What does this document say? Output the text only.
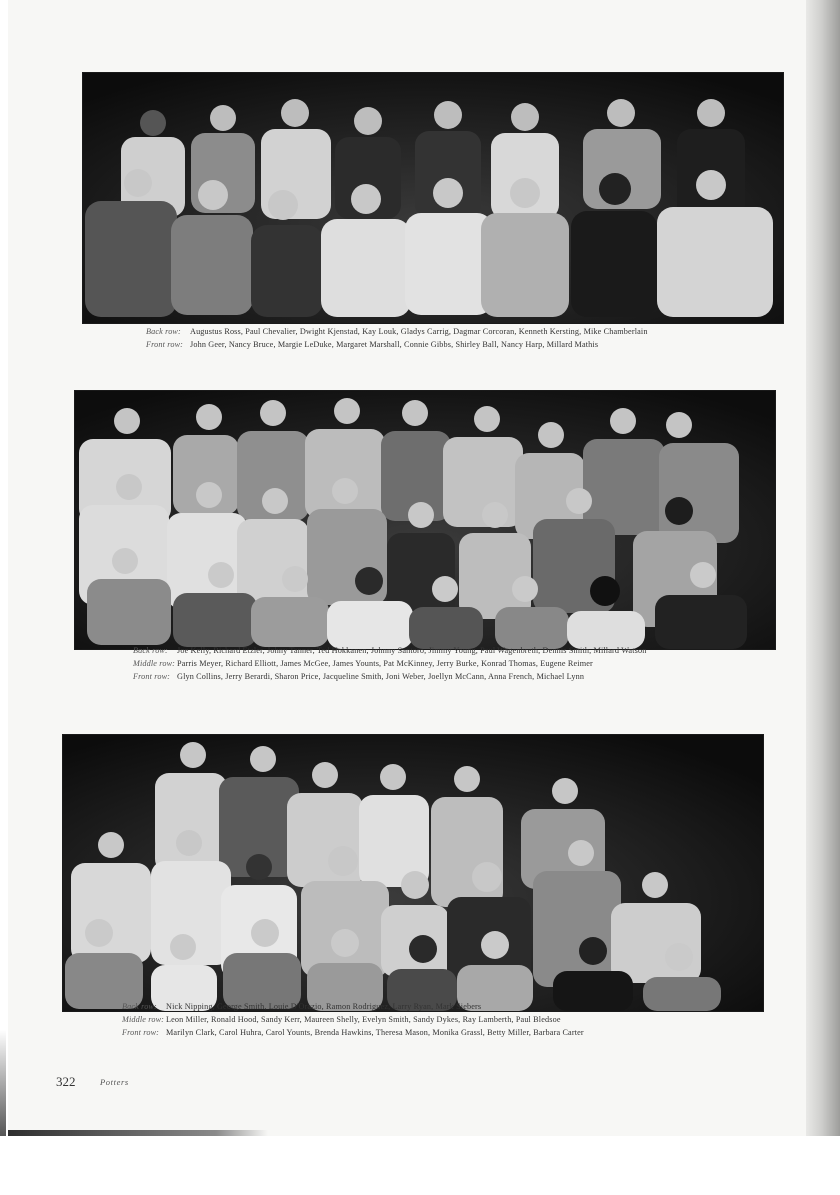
Back row:	Augustus Ross, Paul Chevalier, Dwight Kjenstad, Kay Louk, Gladys Carrig, Dagmar Corcoran, Kenneth Kersting, Mike Chamberlain
Front row: John Geer, Nancy Bruce, Margie LeDuke, Margaret Marshall, Connie Gibbs, Shirley Ball, Nancy Harp, Millard Mathis
Back row:	Joe Kelly, Richard Etzler, Johny Tanner, Ted Hokkanen, Johnny Santoro, Jimmy Young, Paul Wagenbreth, Dennis Smith, Millard Watson
Middle row: Parris Meyer, Richard Elliott, James McGee, James Younts, Pat McKinney, Jerry Burke, Konrad Thomas, Eugene Reimer
Front row: Glyn Collins, Jerry Berardi, Sharon Price, Jacqueline Smith, Joni Weber, Joellyn McCann, Anna French, Michael Lynn
Back row:	Nick Nipping, George Smith, Louie D'Orazio, Ramon Rodriguez, Larry Ryan, Mark Siebers
Middle row: Leon Miller, Ronald Hood, Sandy Kerr, Maureen Shelly, Evelyn Smith, Sandy Dykes, Ray Lamberth, Paul Bledsoe
Front row: Marilyn Clark, Carol Huhra, Carol Younts, Brenda Hawkins, Theresa Mason, Monika Grassl, Betty Miller, Barbara Carter
322	Potters
